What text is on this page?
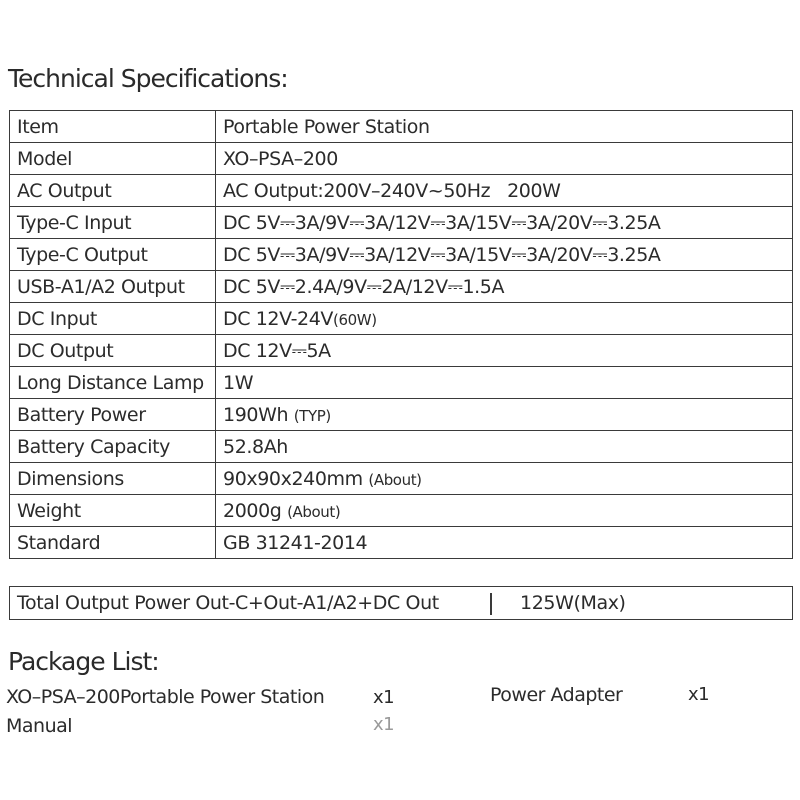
Technical Specifications:
Item	Portable Power Station
Model	XO–PSA–200
AC Output	AC Output:200V–240V~50Hz   200W
Type-C Input	DC 5V⎓3A/9V⎓3A/12V⎓3A/15V⎓3A/20V⎓3.25A
Type-C Output	DC 5V⎓3A/9V⎓3A/12V⎓3A/15V⎓3A/20V⎓3.25A
USB-A1/A2 Output	DC 5V⎓2.4A/9V⎓2A/12V⎓1.5A
DC Input	DC 12V-24V(60W)
DC Output	DC 12V⎓5A
Long Distance Lamp	1W
Battery Power	190Wh (TYP)
Battery Capacity	52.8Ah
Dimensions	90x90x240mm (About)
Weight	2000g (About)
Standard	GB 31241-2014
Total Output Power Out-C+Out-A1/A2+DC Out	125W(Max)
Package List:
XO–PSA–200Portable Power Station	x1	Power Adapter	x1
Manual	x1
